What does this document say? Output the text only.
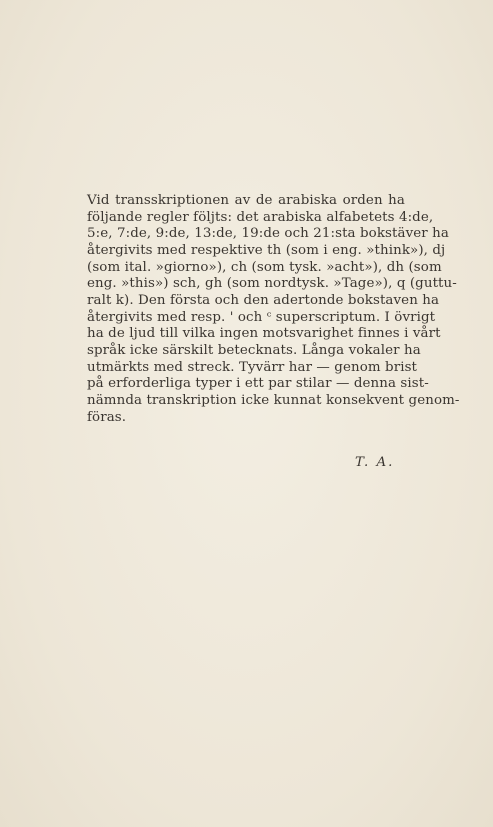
Vid transskriptionen av de arabiska orden ha
följande regler följts: det arabiska alfabetets 4:de,
5:e, 7:de, 9:de, 13:de, 19:de och 21:sta bokstäver ha
återgivits med respektive th (som i eng. »think»), dj
(som ital. »giorno»), ch (som tysk. »acht»), dh (som
eng. »this») sch, gh (som nordtysk. »Tage»), q (guttu-
ralt k). Den första och den adertonde bokstaven ha
återgivits med resp. ' och ᶜ superscriptum. I övrigt
ha de ljud till vilka ingen motsvarighet finnes i vårt
språk icke särskilt betecknats. Långa vokaler ha
utmärkts med streck. Tyvärr har — genom brist
på erforderliga typer i ett par stilar — denna sist-
nämnda transkription icke kunnat konsekvent genom-
föras.
T. A.
